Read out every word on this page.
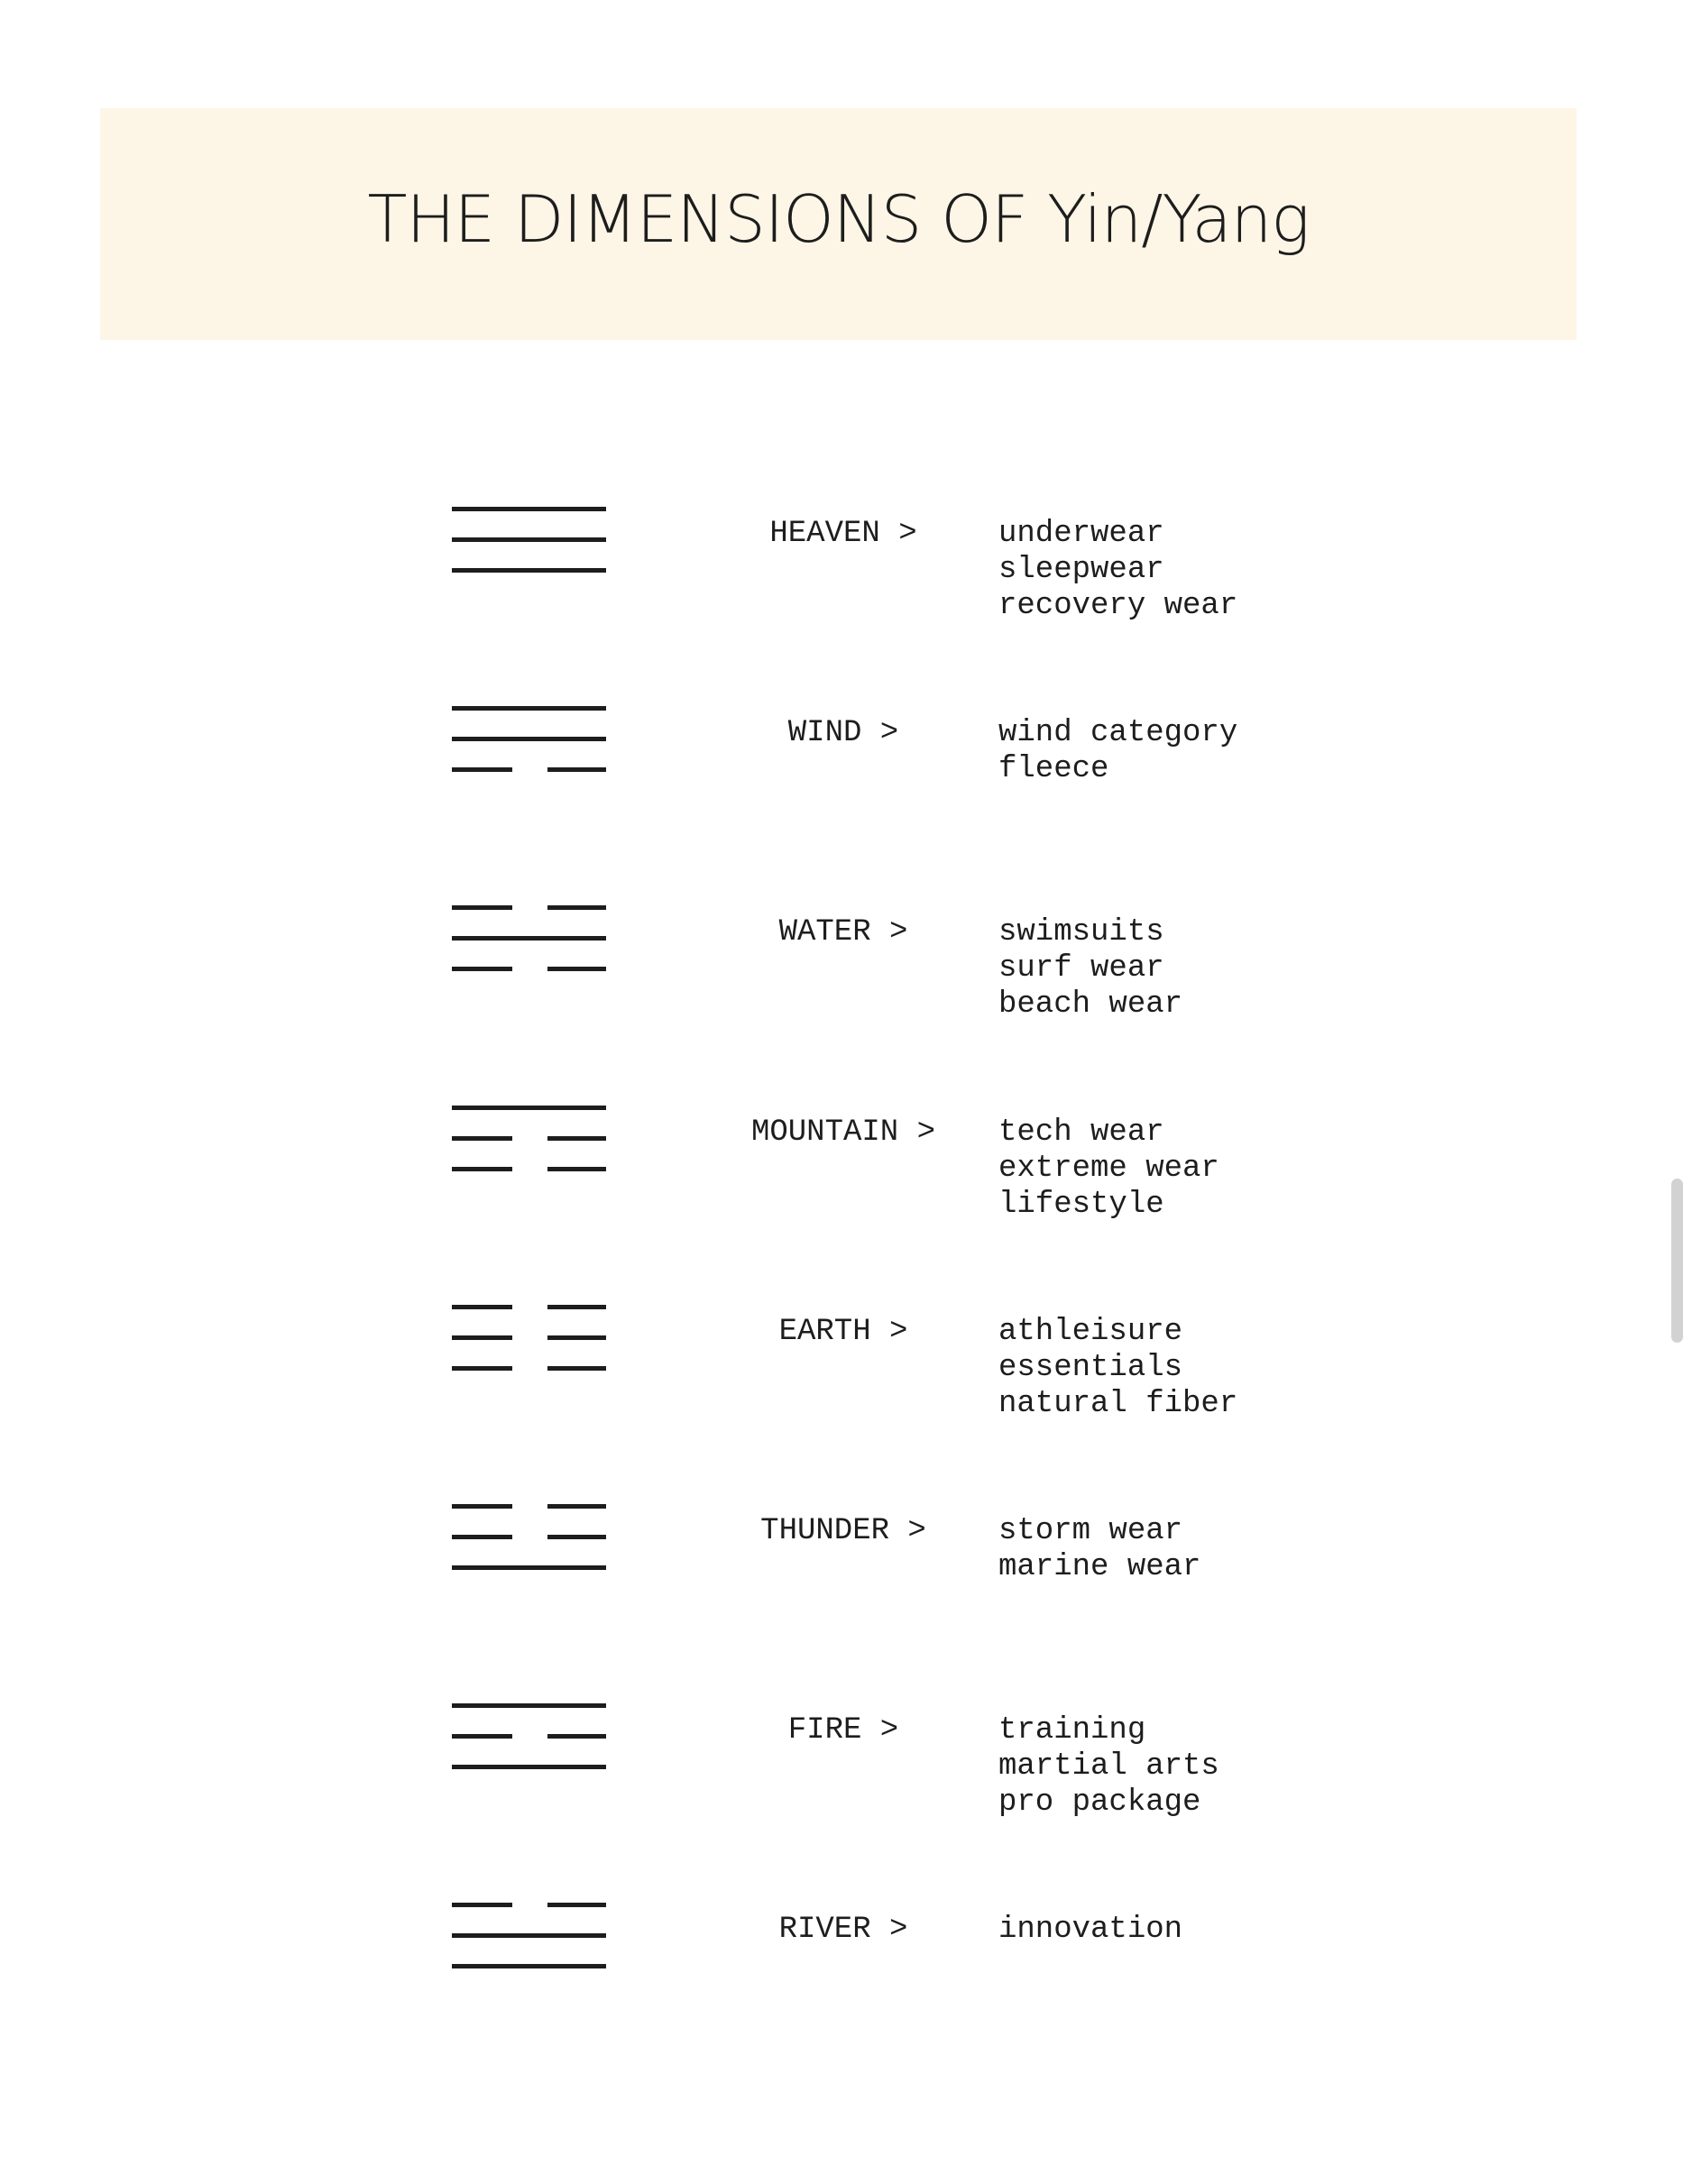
THE DIMENSIONS OF Yin/Yang
HEAVEN >	underwear
sleepwear
recovery wear
WIND >	wind category
fleece
WATER >	swimsuits
surf wear
beach wear
MOUNTAIN >	tech wear
extreme wear
lifestyle
EARTH >	athleisure
essentials
natural fiber
THUNDER >	storm wear
marine wear
FIRE >	training
martial arts
pro package
RIVER >	innovation
